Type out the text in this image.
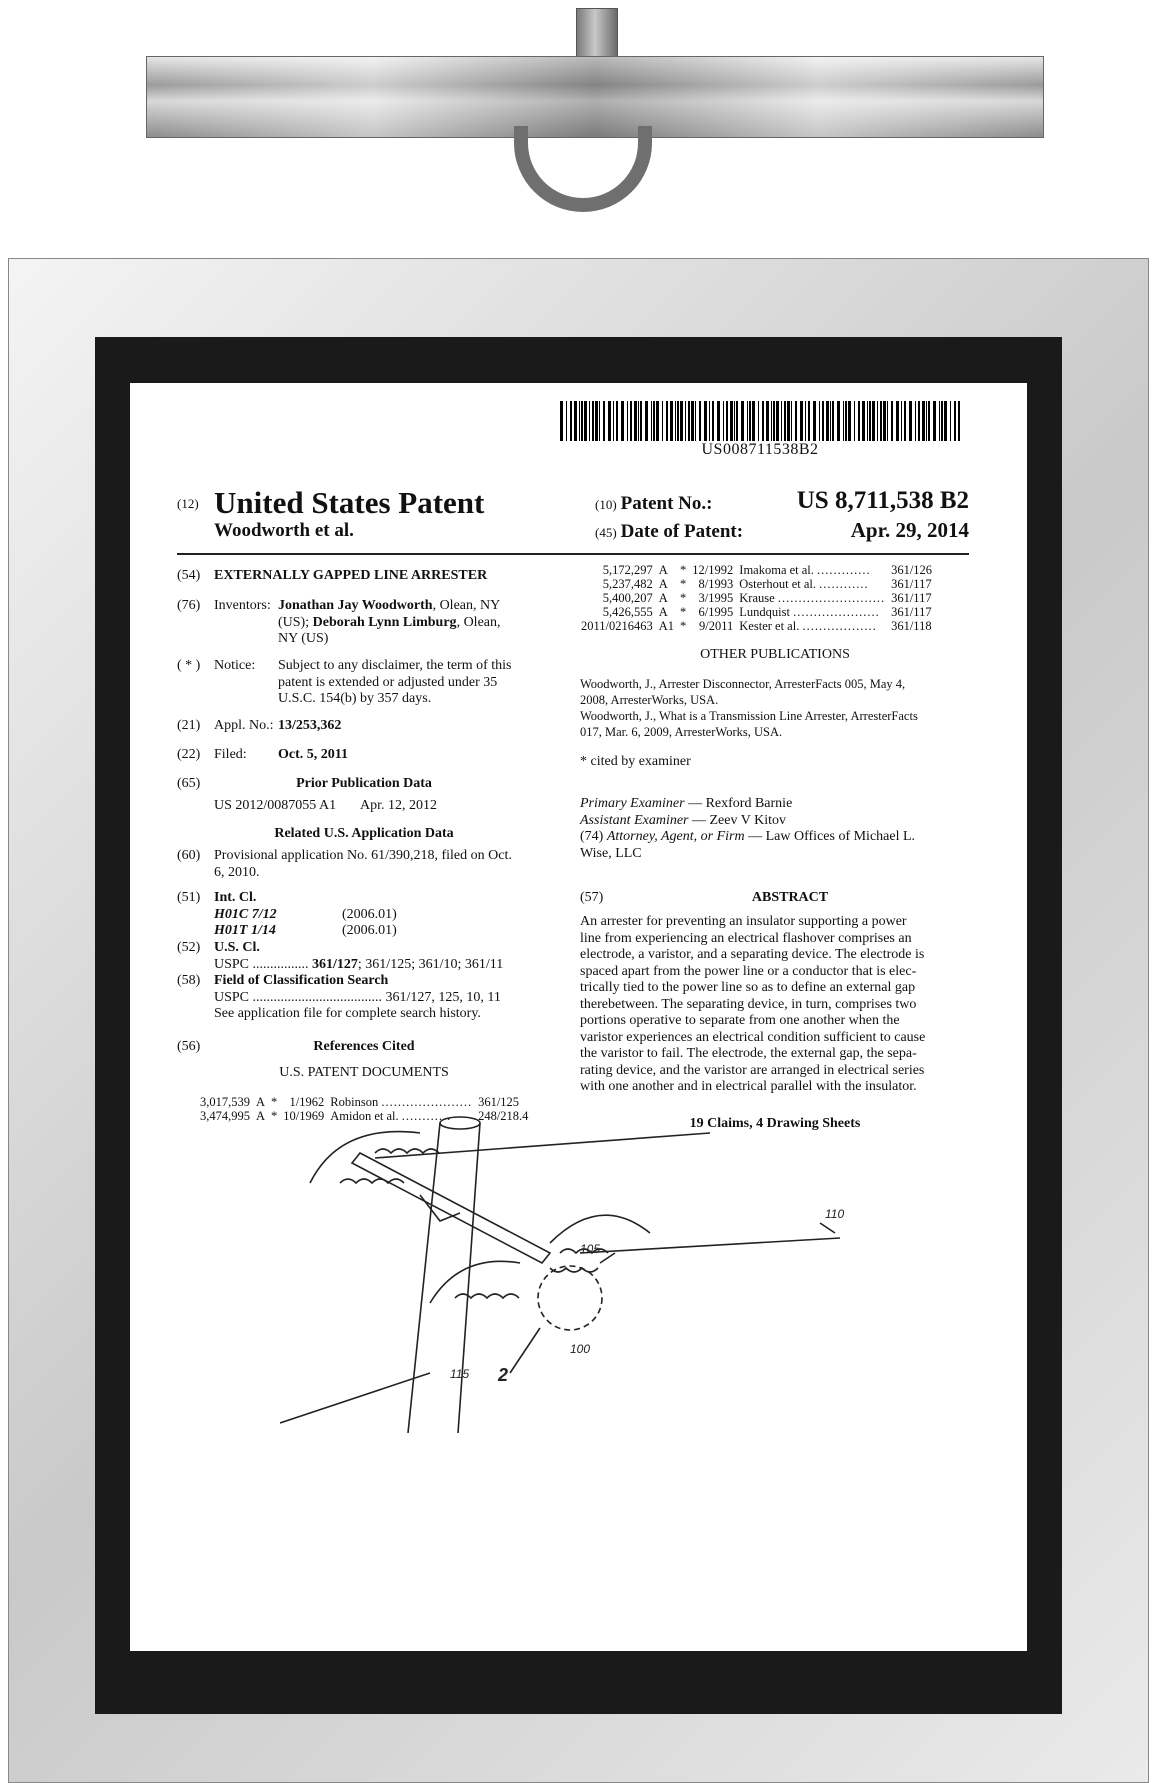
US008711538B2
(12) United States Patent
Woodworth et al.
(10) Patent No.:	US 8,711,538 B2
(45) Date of Patent:	Apr. 29, 2014
(54) EXTERNALLY GAPPED LINE ARRESTER
(76) Inventors: Jonathan Jay Woodworth, Olean, NY
(US); Deborah Lynn Limburg, Olean,
NY (US)
( * ) Notice: Subject to any disclaimer, the term of this
patent is extended or adjusted under 35
U.S.C. 154(b) by 357 days.
(21) Appl. No.: 13/253,362
(22) Filed: Oct. 5, 2011
(65)	Prior Publication Data
US 2012/0087055 A1 Apr. 12, 2012
Related U.S. Application Data
(60) Provisional application No. 61/390,218, filed on Oct.
6, 2010.
(51) Int. Cl.
H01C 7/12	(2006.01)
H01T 1/14	(2006.01)
(52) U.S. Cl.
USPC ................ 361/127; 361/125; 361/10; 361/11
(58) Field of Classification Search
USPC ..................................... 361/127, 125, 10, 11
See application file for complete search history.
(56)	References Cited
U.S. PATENT DOCUMENTS
3,017,539	A	*	1/1962	Robinson ......................	361/125
3,474,995	A	*	10/1969	Amidon et al. ............	248/218.4
5,172,297	A	*	12/1992	Imakoma et al. .............	361/126
5,237,482	A	*	8/1993	Osterhout et al. ............	361/117
5,400,207	A	*	3/1995	Krause ..........................	361/117
5,426,555	A	*	6/1995	Lundquist .....................	361/117
2011/0216463	A1	*	9/2011	Kester et al. ..................	361/118
OTHER PUBLICATIONS
Woodworth, J., Arrester Disconnector, ArresterFacts 005, May 4,
2008, ArresterWorks, USA.
Woodworth, J., What is a Transmission Line Arrester, ArresterFacts
017, Mar. 6, 2009, ArresterWorks, USA.
* cited by examiner
Primary Examiner — Rexford Barnie
Assistant Examiner — Zeev V Kitov
(74) Attorney, Agent, or Firm — Law Offices of Michael L.
Wise, LLC
(57)	ABSTRACT
An arrester for preventing an insulator supporting a power
line from experiencing an electrical flashover comprises an
electrode, a varistor, and a separating device. The electrode is
spaced apart from the power line or a conductor that is elec-
trically tied to the power line so as to define an external gap
therebetween. The separating device, in turn, comprises two
portions operative to separate from one another when the
varistor experiences an electrical condition sufficient to cause
the varistor to fail. The electrode, the external gap, the sepa-
rating device, and the varistor are arranged in electrical series
with one another and in electrical parallel with the insulator.
19 Claims, 4 Drawing Sheets
110
105
100
115 2
